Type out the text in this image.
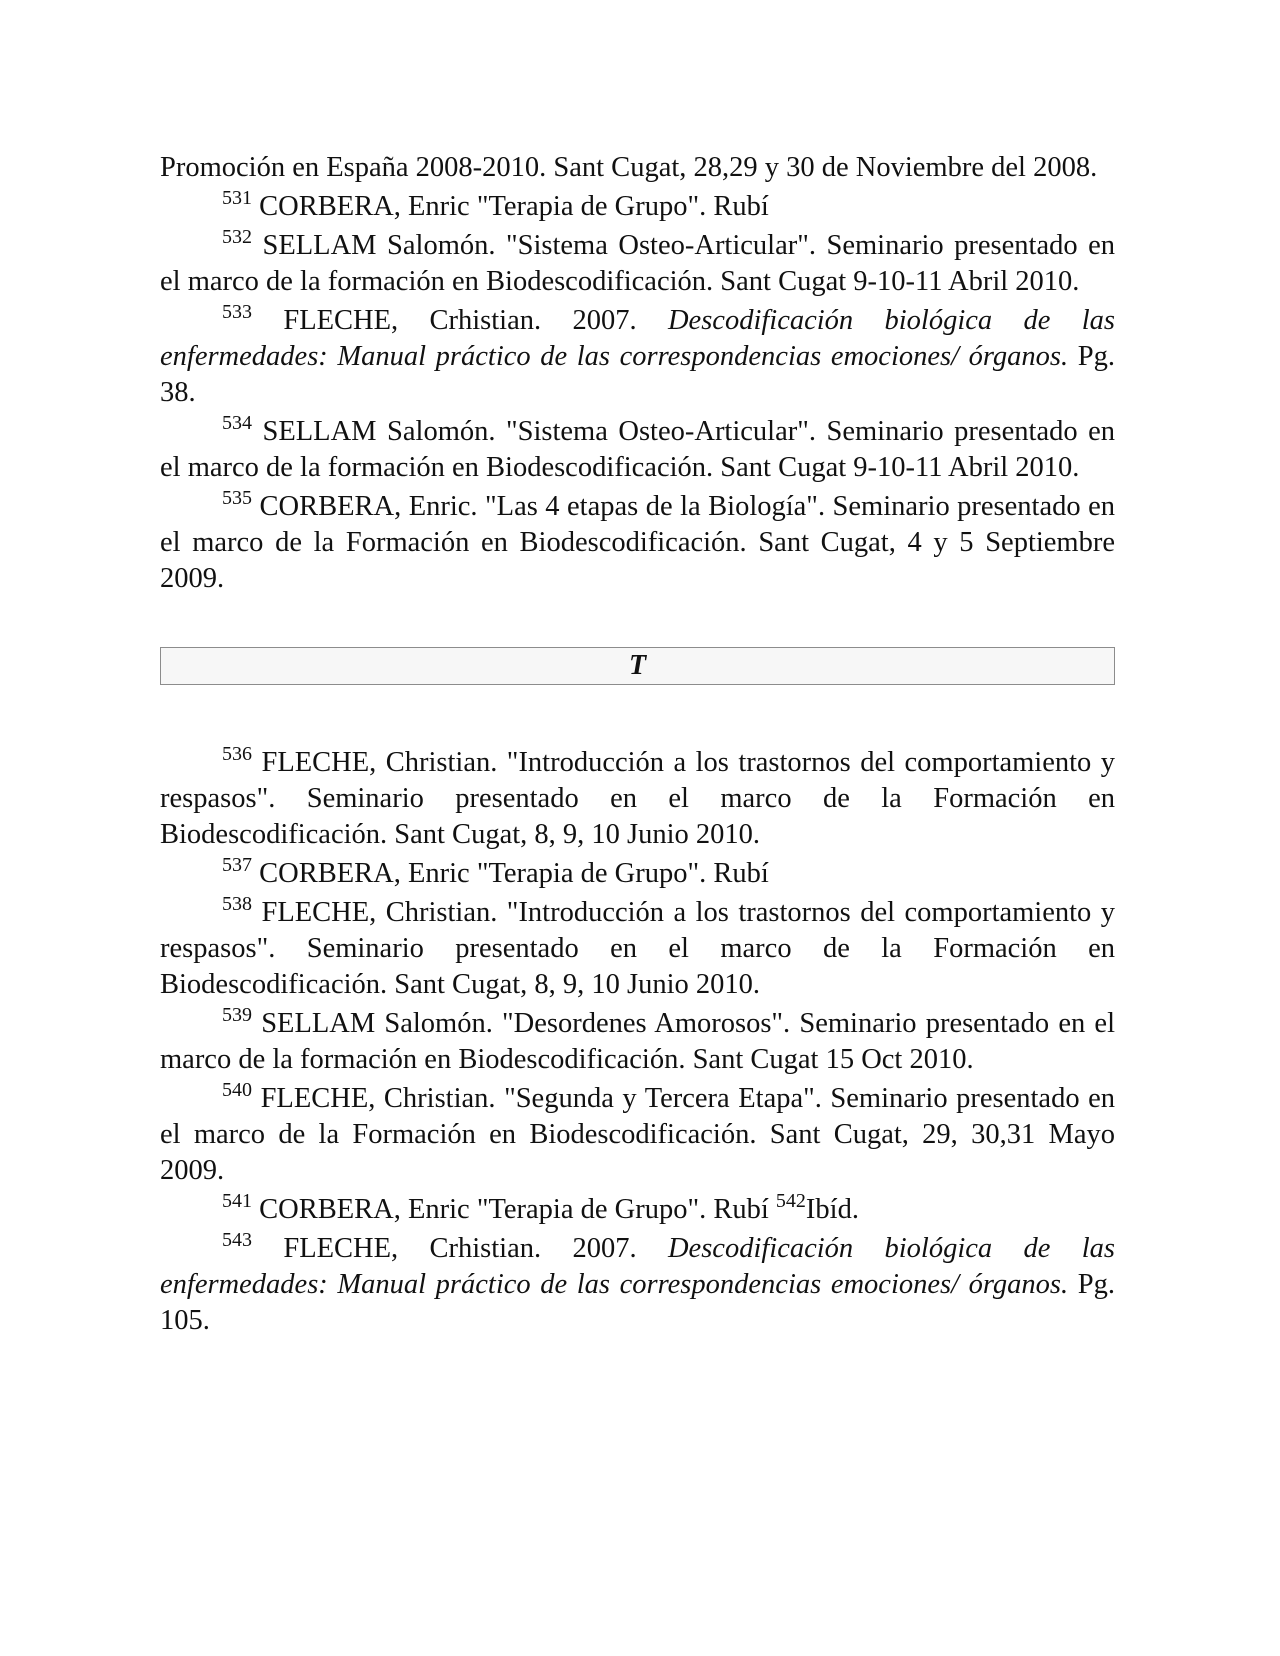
Promoción en España 2008-2010. Sant Cugat, 28,29 y 30 de Noviembre del 2008.

$^{531}$ CORBERA, Enric "Terapia de Grupo". Rubí

$^{532}$ SELLAM Salomón. "Sistema Osteo-Articular". Seminario presentado en el marco de la formación en Biodescodificación. Sant Cugat 9-10-11 Abril 2010.

$^{533}$ FLECHE, Crhistian. 2007. Descodificación biológica de las enfermedades: Manual práctico de las correspondencias emociones/ órganos. Pg. 38.

$^{534}$ SELLAM Salomón. "Sistema Osteo-Articular". Seminario presentado en el marco de la formación en Biodescodificación. Sant Cugat 9-10-11 Abril 2010.

$^{535}$ CORBERA, Enric. "Las 4 etapas de la Biología". Seminario presentado en el marco de la Formación en Biodescodificación. Sant Cugat, 4 y 5 Septiembre 2009.

T

$^{536}$ FLECHE, Christian. "Introducción a los trastornos del comportamiento y respasos". Seminario presentado en el marco de la Formación en Biodescodificación. Sant Cugat, 8, 9, 10 Junio 2010.

$^{537}$ CORBERA, Enric "Terapia de Grupo". Rubí

$^{538}$ FLECHE, Christian. "Introducción a los trastornos del comportamiento y respasos". Seminario presentado en el marco de la Formación en Biodescodificación. Sant Cugat, 8, 9, 10 Junio 2010.

$^{539}$ SELLAM Salomón. "Desordenes Amorosos". Seminario presentado en el marco de la formación en Biodescodificación. Sant Cugat 15 Oct 2010.

$^{540}$ FLECHE, Christian. "Segunda y Tercera Etapa". Seminario presentado en el marco de la Formación en Biodescodificación. Sant Cugat, 29, 30,31 Mayo 2009.

$^{541}$ CORBERA, Enric "Terapia de Grupo". Rubí $^{542}$Ibíd.

$^{543}$ FLECHE, Crhistian. 2007. Descodificación biológica de las enfermedades: Manual práctico de las correspondencias emociones/ órganos. Pg. 105.
